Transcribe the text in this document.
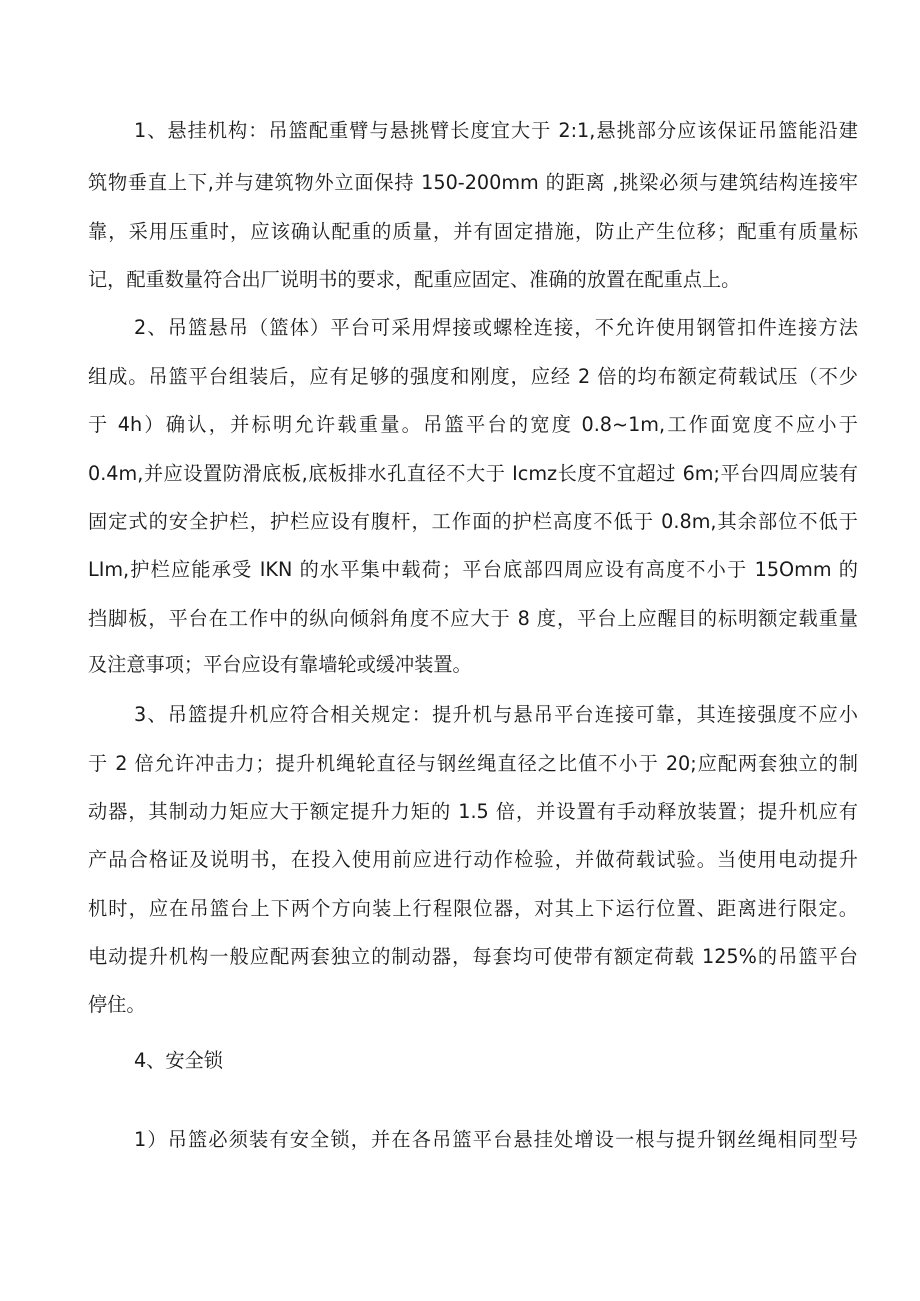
1、悬挂机构：吊篮配重臂与悬挑臂长度宜大于 2:1,悬挑部分应该保证吊篮能沿建
筑物垂直上下,并与建筑物外立面保持 150-200mm 的距离 ,挑梁必须与建筑结构连接牢
靠，采用压重时，应该确认配重的质量，并有固定措施，防止产生位移；配重有质量标
记，配重数量符合出厂说明书的要求，配重应固定、准确的放置在配重点上。
2、吊篮悬吊（篮体）平台可采用焊接或螺栓连接，不允许使用钢管扣件连接方法
组成。吊篮平台组装后，应有足够的强度和刚度，应经 2 倍的均布额定荷载试压（不少
于 4h）确认，并标明允许载重量。吊篮平台的宽度 0.8~1m,工作面宽度不应小于
0.4m,并应设置防滑底板,底板排水孔直径不大于 Icmz长度不宜超过 6m;平台四周应装有
固定式的安全护栏，护栏应设有腹杆，工作面的护栏高度不低于 0.8m,其余部位不低于
LIm,护栏应能承受 IKN 的水平集中载荷；平台底部四周应设有高度不小于 15Omm 的
挡脚板，平台在工作中的纵向倾斜角度不应大于 8 度，平台上应醒目的标明额定载重量
及注意事项；平台应设有靠墙轮或缓冲装置。
3、吊篮提升机应符合相关规定：提升机与悬吊平台连接可靠，其连接强度不应小
于 2 倍允许冲击力；提升机绳轮直径与钢丝绳直径之比值不小于 20;应配两套独立的制
动器，其制动力矩应大于额定提升力矩的 1.5 倍，并设置有手动释放装置；提升机应有
产品合格证及说明书，在投入使用前应进行动作检验，并做荷载试验。当使用电动提升
机时，应在吊篮台上下两个方向装上行程限位器，对其上下运行位置、距离进行限定。
电动提升机构一般应配两套独立的制动器，每套均可使带有额定荷载 125%的吊篮平台
停住。
4、安全锁
1）吊篮必须装有安全锁，并在各吊篮平台悬挂处增设一根与提升钢丝绳相同型号
